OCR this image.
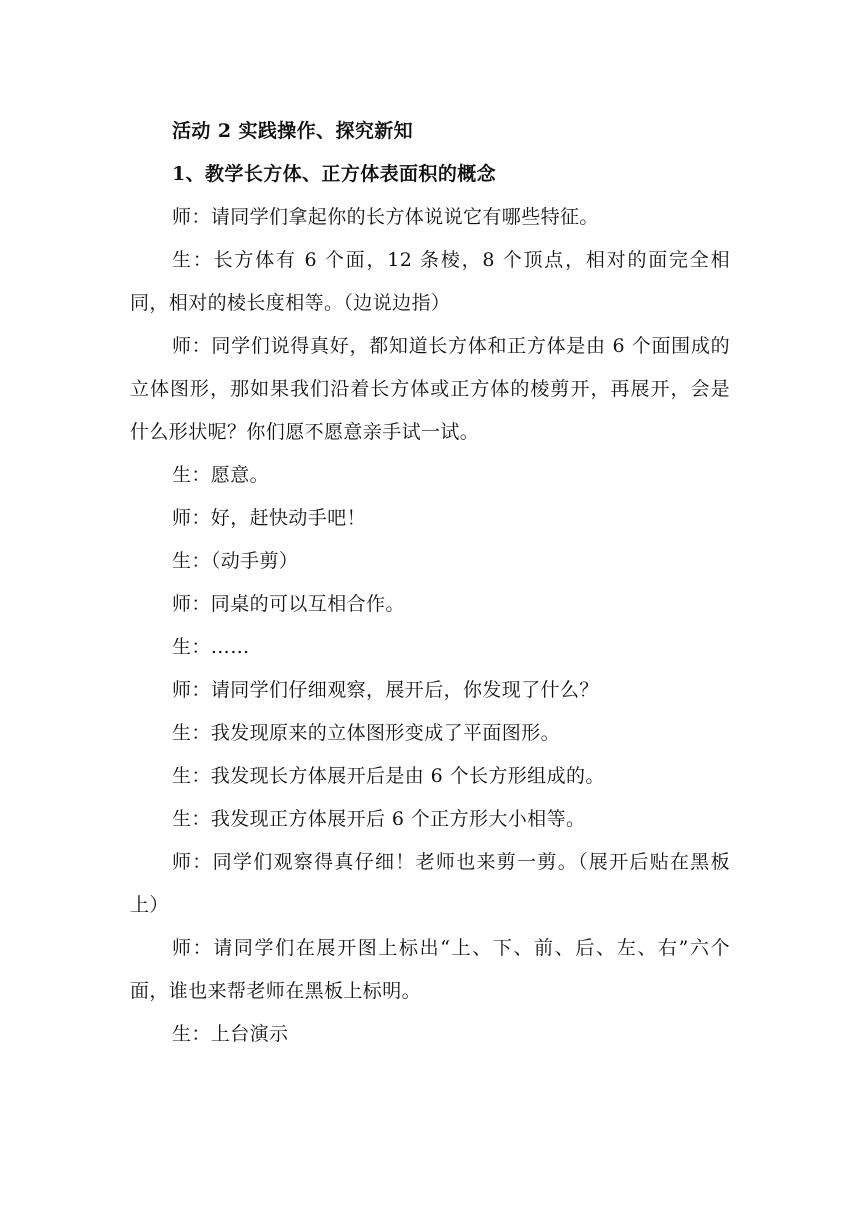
活动 2 实践操作、探究新知

1、教学长方体、正方体表面积的概念

师：请同学们拿起你的长方体说说它有哪些特征。

生：长方体有 6 个面，12 条棱，8 个顶点，相对的面完全相同，相对的棱长度相等。（边说边指）

师：同学们说得真好，都知道长方体和正方体是由 6 个面围成的立体图形，那如果我们沿着长方体或正方体的棱剪开，再展开，会是什么形状呢？你们愿不愿意亲手试一试。

生：愿意。

师：好，赶快动手吧！

生：（动手剪）

师：同桌的可以互相合作。

生：……

师：请同学们仔细观察，展开后，你发现了什么？

生：我发现原来的立体图形变成了平面图形。

生：我发现长方体展开后是由 6 个长方形组成的。

生：我发现正方体展开后 6 个正方形大小相等。

师：同学们观察得真仔细！老师也来剪一剪。（展开后贴在黑板上）

师：请同学们在展开图上标出“上、下、前、后、左、右”六个面，谁也来帮老师在黑板上标明。

生：上台演示
